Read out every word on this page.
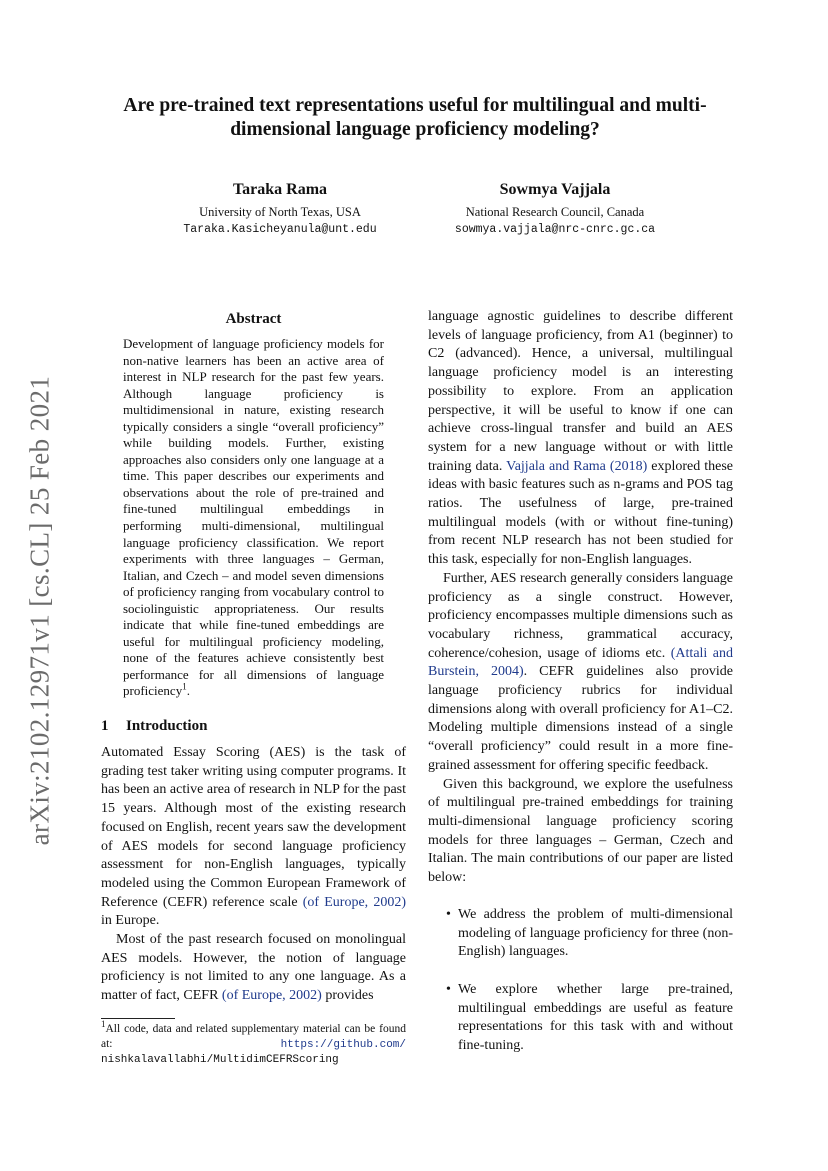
arXiv:2102.12971v1 [cs.CL] 25 Feb 2021
Are pre-trained text representations useful for multilingual and multi-dimensional language proficiency modeling?
Taraka Rama
University of North Texas, USA
Taraka.Kasicheyanula@unt.edu
Sowmya Vajjala
National Research Council, Canada
sowmya.vajjala@nrc-cnrc.gc.ca
Abstract
Development of language proficiency models for non-native learners has been an active area of interest in NLP research for the past few years. Although language proficiency is multidimensional in nature, existing research typically considers a single “overall proficiency” while building models. Further, existing approaches also considers only one language at a time. This paper describes our experiments and observations about the role of pre-trained and fine-tuned multilingual embeddings in performing multi-dimensional, multilingual language proficiency classification. We report experiments with three languages – German, Italian, and Czech – and model seven dimensions of proficiency ranging from vocabulary control to sociolinguistic appropriateness. Our results indicate that while fine-tuned embeddings are useful for multilingual proficiency modeling, none of the features achieve consistently best performance for all dimensions of language proficiency$^1$.
1 Introduction

Automated Essay Scoring (AES) is the task of grading test taker writing using computer programs. It has been an active area of research in NLP for the past 15 years. Although most of the existing research focused on English, recent years saw the development of AES models for second language proficiency assessment for non-English languages, typically modeled using the Common European Framework of Reference (CEFR) reference scale (of Europe, 2002) in Europe.

Most of the past research focused on monolingual AES models. However, the notion of language proficiency is not limited to any one language. As a matter of fact, CEFR (of Europe, 2002) provides

$^1$All code, data and related supplementary material can be found at: https://github.com/ nishkalavallabhi/MultidimCEFRScoring

language agnostic guidelines to describe different levels of language proficiency, from A1 (beginner) to C2 (advanced). Hence, a universal, multilingual language proficiency model is an interesting possibility to explore. From an application perspective, it will be useful to know if one can achieve cross-lingual transfer and build an AES system for a new language without or with little training data. Vajjala and Rama (2018) explored these ideas with basic features such as n-grams and POS tag ratios. The usefulness of large, pre-trained multilingual models (with or without fine-tuning) from recent NLP research has not been studied for this task, especially for non-English languages.

Further, AES research generally considers language proficiency as a single construct. However, proficiency encompasses multiple dimensions such as vocabulary richness, grammatical accuracy, coherence/cohesion, usage of idioms etc. (Attali and Burstein, 2004). CEFR guidelines also provide language proficiency rubrics for individual dimensions along with overall proficiency for A1–C2. Modeling multiple dimensions instead of a single “overall proficiency” could result in a more fine-grained assessment for offering specific feedback.

Given this background, we explore the usefulness of multilingual pre-trained embeddings for training multi-dimensional language proficiency scoring models for three languages – German, Czech and Italian. The main contributions of our paper are listed below:

• We address the problem of multi-dimensional modeling of language proficiency for three (non-English) languages.
• We explore whether large pre-trained, multilingual embeddings are useful as feature representations for this task with and without fine-tuning.
